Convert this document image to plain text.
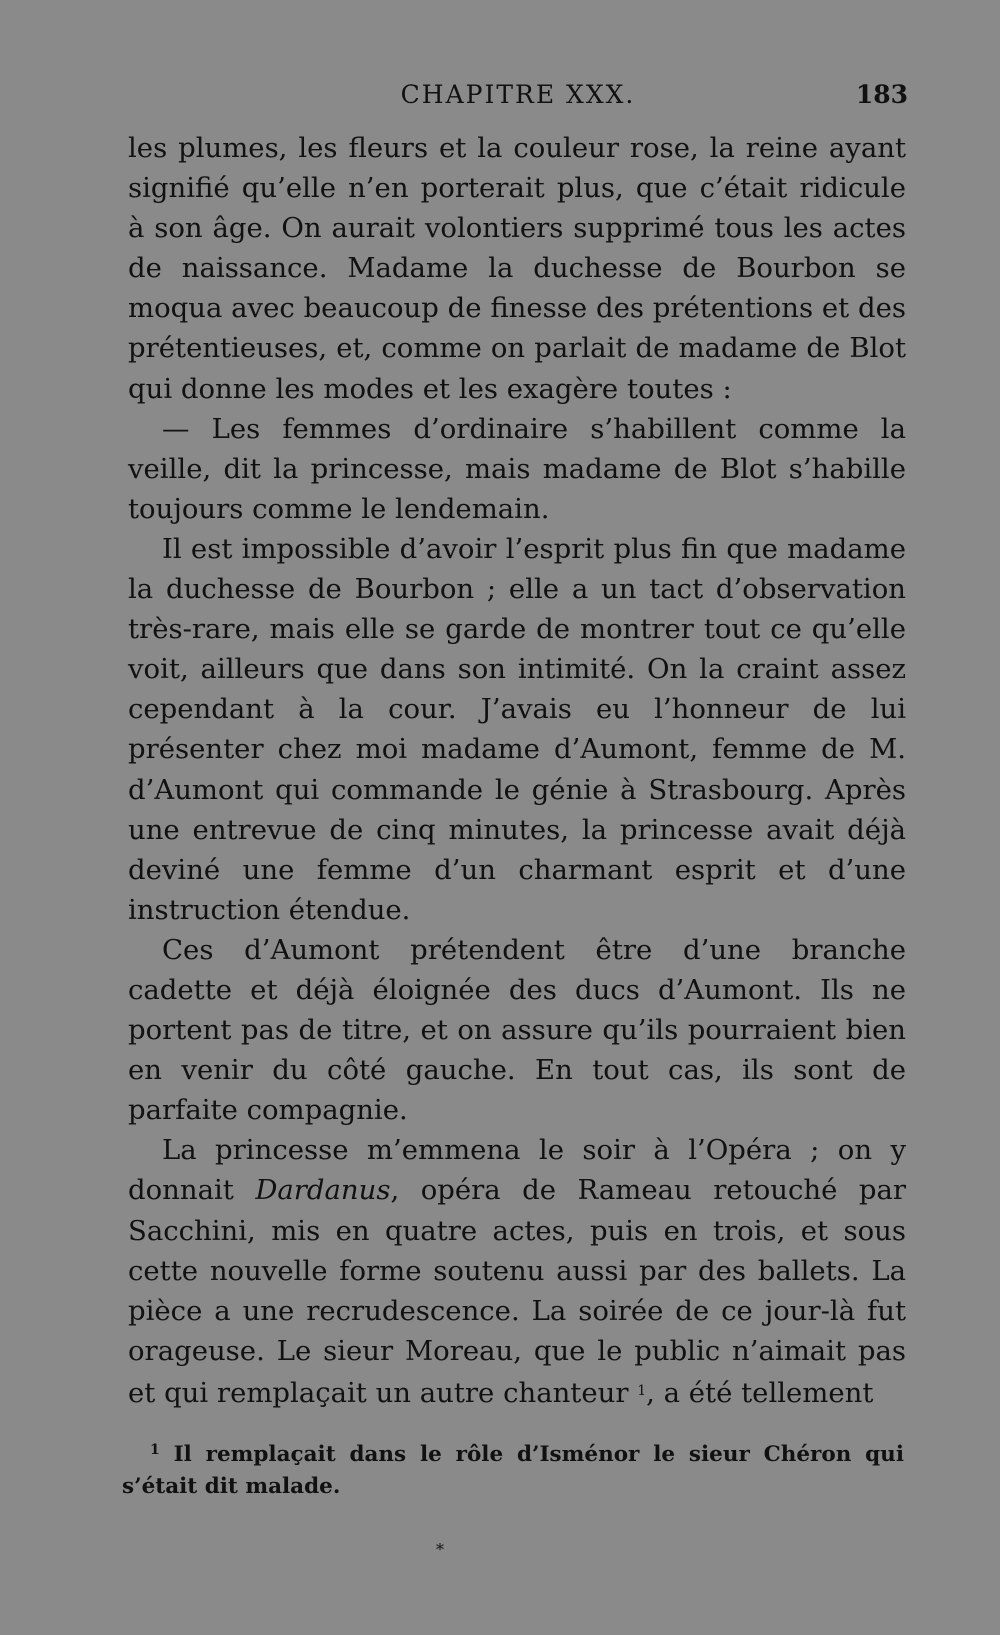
CHAPITRE XXX.	183

les plumes, les fleurs et la couleur rose, la reine ayant signifié qu’elle n’en porterait plus, que c’était ridicule à son âge. On aurait volontiers supprimé tous les actes de naissance. Madame la duchesse de Bourbon se moqua avec beaucoup de finesse des prétentions et des prétentieuses, et, comme on parlait de madame de Blot qui donne les modes et les exagère toutes :

— Les femmes d’ordinaire s’habillent comme la veille, dit la princesse, mais madame de Blot s’habille toujours comme le lendemain.

Il est impossible d’avoir l’esprit plus fin que madame la duchesse de Bourbon ; elle a un tact d’observation très-rare, mais elle se garde de montrer tout ce qu’elle voit, ailleurs que dans son intimité. On la craint assez cependant à la cour. J’avais eu l’honneur de lui présenter chez moi madame d’Aumont, femme de M. d’Aumont qui commande le génie à Strasbourg. Après une entrevue de cinq minutes, la princesse avait déjà deviné une femme d’un charmant esprit et d’une instruction étendue.

Ces d’Aumont prétendent être d’une branche cadette et déjà éloignée des ducs d’Aumont. Ils ne portent pas de titre, et on assure qu’ils pourraient bien en venir du côté gauche. En tout cas, ils sont de parfaite compagnie.

La princesse m’emmena le soir à l’Opéra ; on y donnait Dardanus, opéra de Rameau retouché par Sacchini, mis en quatre actes, puis en trois, et sous cette nouvelle forme soutenu aussi par des ballets. La pièce a une recrudescence. La soirée de ce jour-là fut orageuse. Le sieur Moreau, que le public n’aimait pas et qui remplaçait un autre chanteur $^1$, a été tellement

$^1$ Il remplaçait dans le rôle d’Isménor le sieur Chéron qui s’était dit malade.

*
